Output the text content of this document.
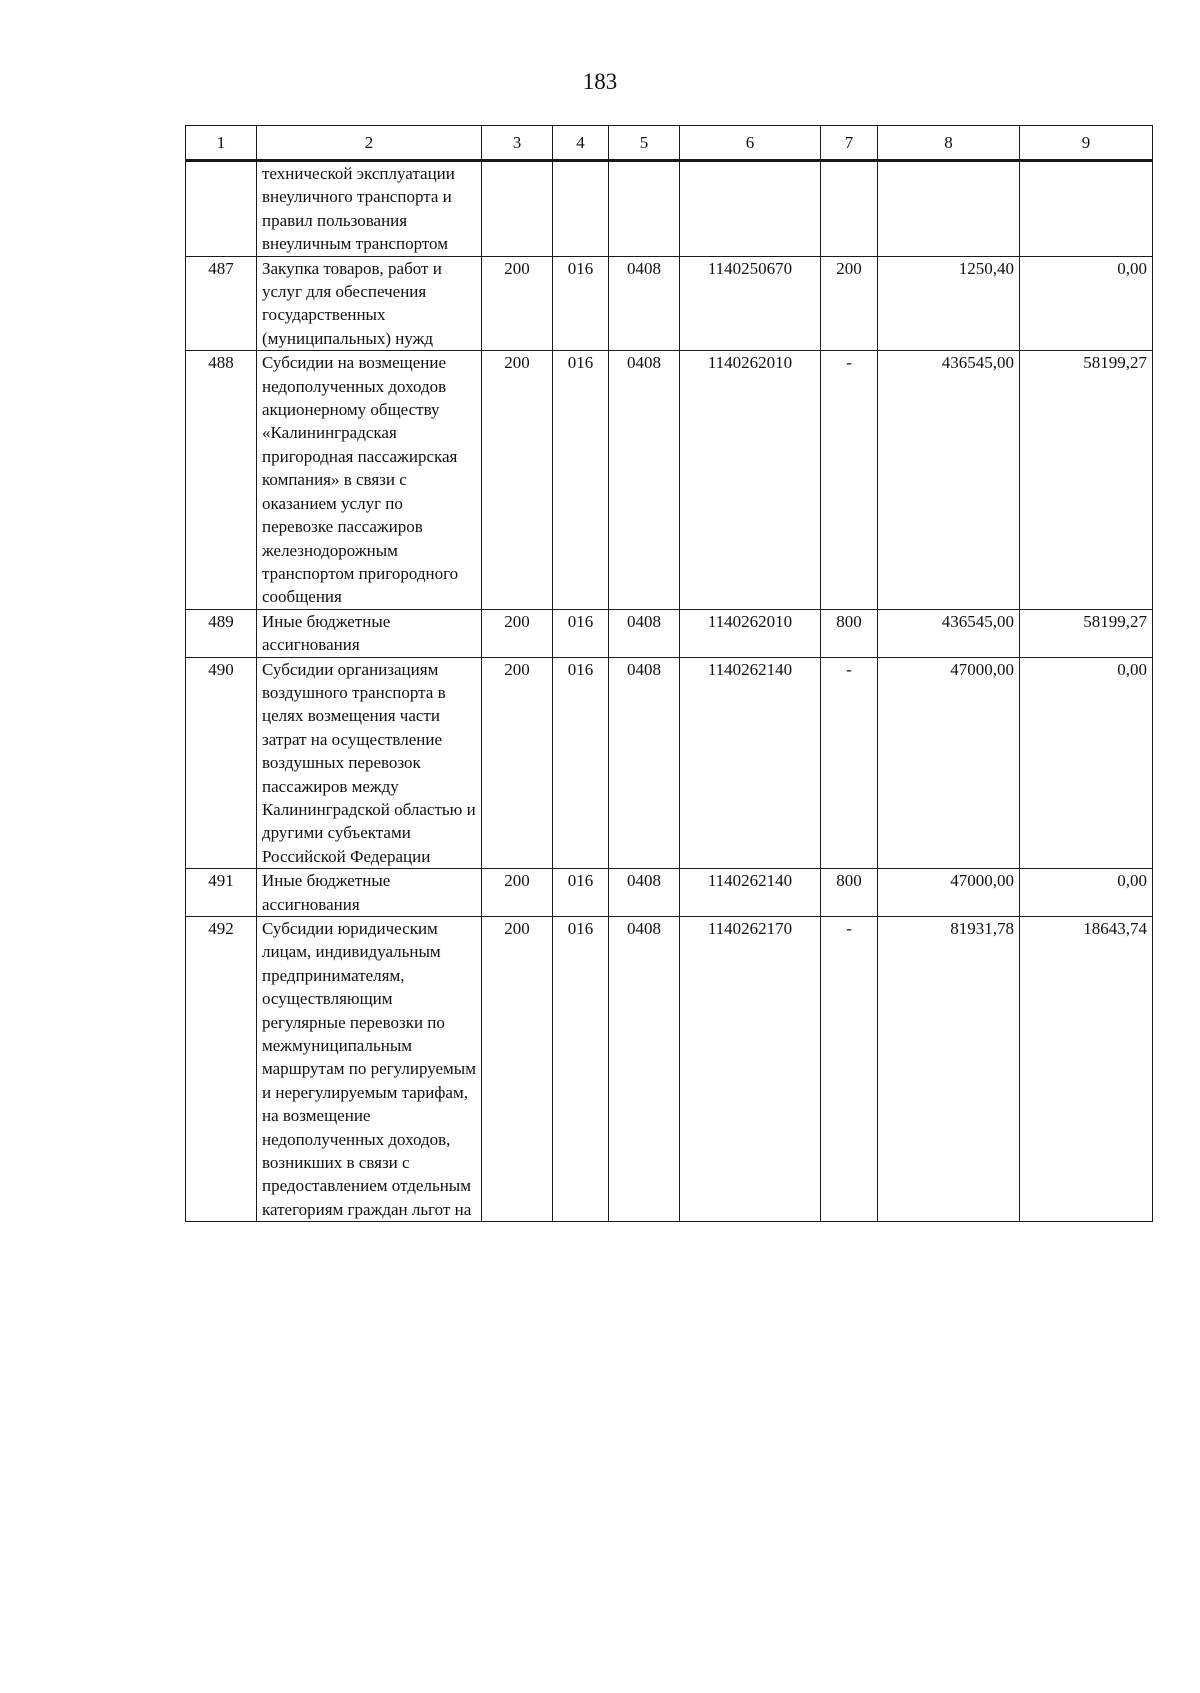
183
1	2	3	4	5	6	7	8	9
	технической эксплуатации внеуличного транспорта и правил пользования внеуличным транспортом							
487	Закупка товаров, работ и услуг для обеспечения государственных (муниципальных) нужд	200	016	0408	1140250670	200	1250,40	0,00
488	Субсидии на возмещение недополученных доходов акционерному обществу «Калининградская пригородная пассажирская компания» в связи с оказанием услуг по перевозке пассажиров железнодорожным транспортом пригородного сообщения	200	016	0408	1140262010	-	436545,00	58199,27
489	Иные бюджетные ассигнования	200	016	0408	1140262010	800	436545,00	58199,27
490	Субсидии организациям воздушного транспорта в целях возмещения части затрат на осуществление воздушных перевозок пассажиров между Калининградской областью и другими субъектами Российской Федерации	200	016	0408	1140262140	-	47000,00	0,00
491	Иные бюджетные ассигнования	200	016	0408	1140262140	800	47000,00	0,00
492	Субсидии юридическим лицам, индивидуальным предпринимателям, осуществляющим регулярные перевозки по межмуниципальным маршрутам по регулируемым и нерегулируемым тарифам, на возмещение недополученных доходов, возникших в связи с предоставлением отдельным категориям граждан льгот на	200	016	0408	1140262170	-	81931,78	18643,74
